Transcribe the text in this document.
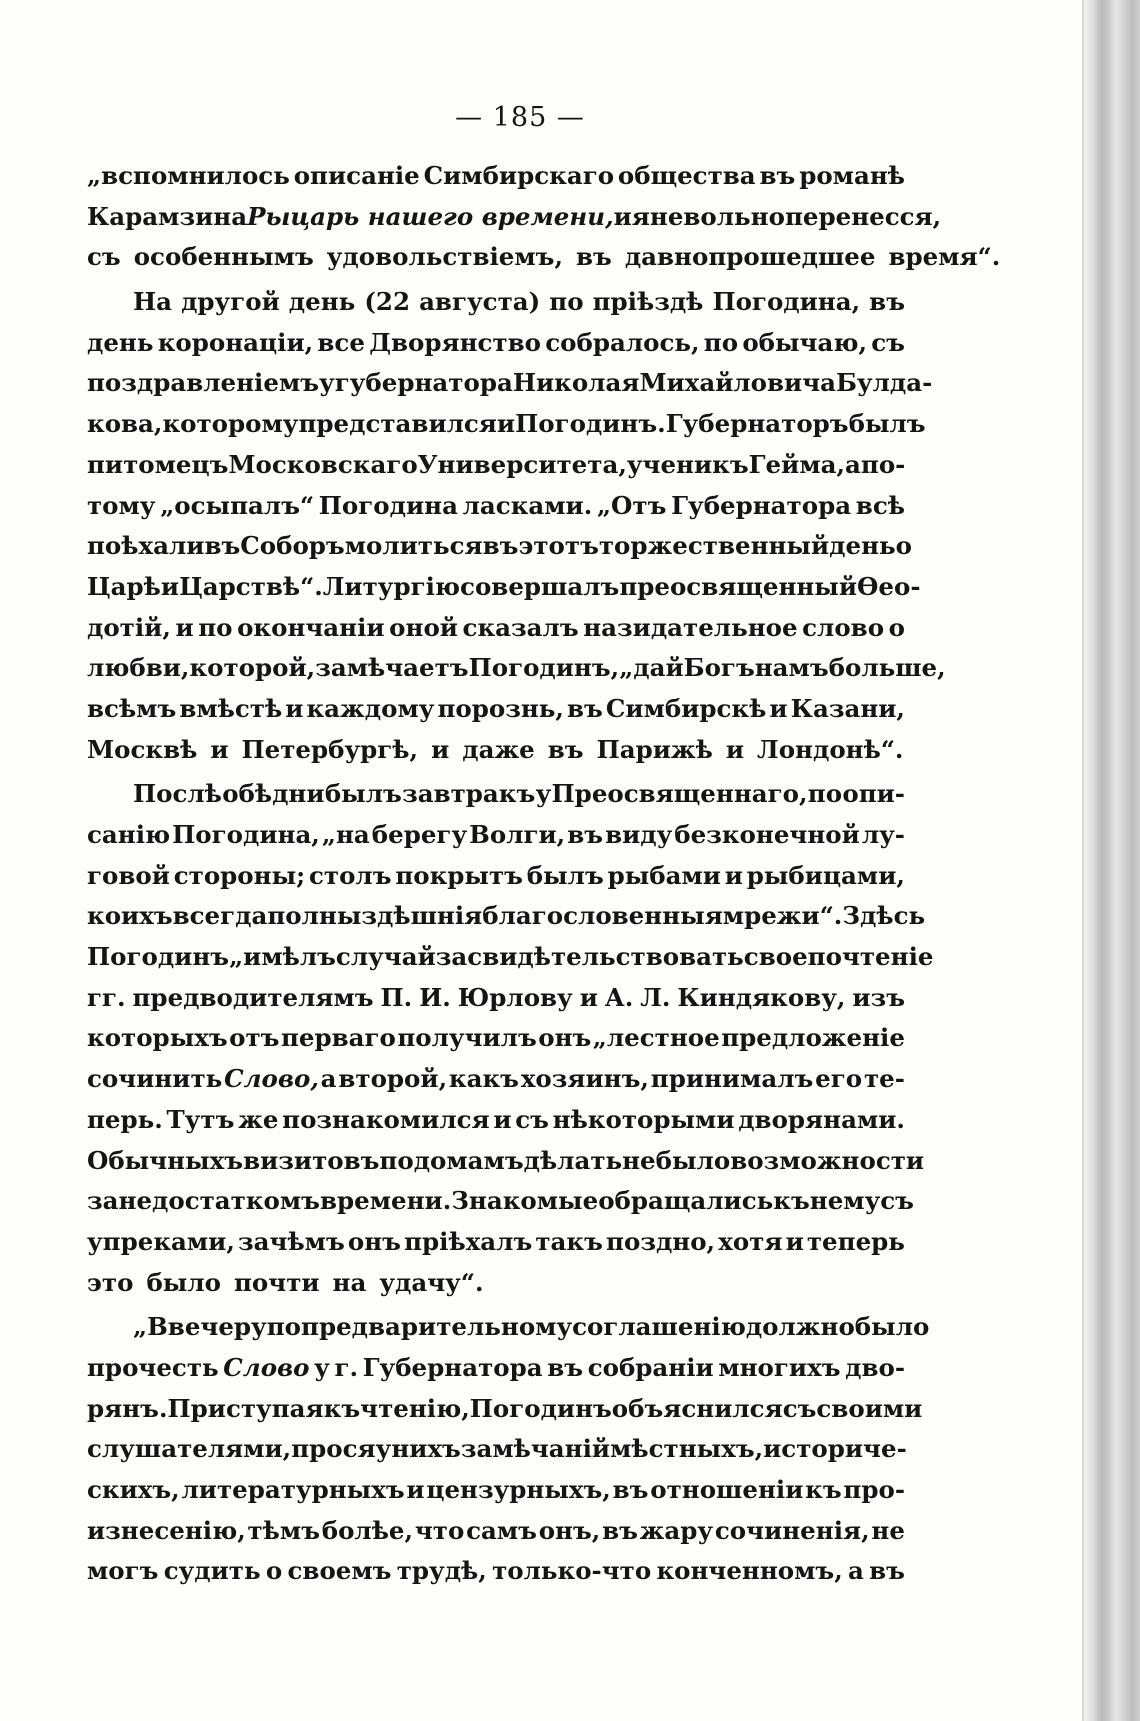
— 185 —
„вспомнилось описаніе Симбирскаго общества въ романѣ
Карамзина Рыцарь нашего времени, и я невольно перенесся,
съ особеннымъ удовольствіемъ, въ давнопрошедшее время“.
На другой день (22 августа) по пріѣздѣ Погодина, въ
день коронаціи, все Дворянство собралось, по обычаю, съ
поздравленіемъ у губернатора Николая Михайловича Булда-
кова, которому представился и Погодинъ. Губернаторъ былъ
питомецъ Московскаго Университета, ученикъ Гейма, а по-
тому „осыпалъ“ Погодина ласками. „Отъ Губернатора всѣ
поѣхали въ Соборъ молиться въ этотъ торжественный день о
Царѣ и Царствѣ“. Литургію совершалъ преосвященный Ѳео-
дотій, и по окончаніи оной сказалъ назидательное слово о
любви, которой, замѣчаетъ Погодинъ, „дай Богъ намъ больше,
всѣмъ вмѣстѣ и каждому порознь, въ Симбирскѣ и Казани,
Москвѣ и Петербургѣ, и даже въ Парижѣ и Лондонѣ“.
Послѣ обѣдни былъ завтракъ у Преосвященнаго, по опи-
санію Погодина, „на берегу Волги, въ виду безконечной лу-
говой стороны; столъ покрытъ былъ рыбами и рыбицами,
коихъ всегда полны здѣшнія благословенныя мрежи“. Здѣсь
Погодинъ „имѣлъ случай засвидѣтельствовать свое почтеніе
гг. предводителямъ П. И. Юрлову и А. Л. Киндякову, изъ
которыхъ отъ перваго получилъ онъ „лестное предложеніе
сочинить Слово, а второй, какъ хозяинъ, принималъ его те-
перь. Тутъ же познакомился и съ нѣкоторыми дворянами.
Обычныхъ визитовъ по домамъ дѣлать не было возможности
за недостаткомъ времени. Знакомые обращались къ нему съ
упреками, зачѣмъ онъ пріѣхалъ такъ поздно, хотя и теперь
это было почти на удачу“.
„Ввечеру по предварительному соглашенію должно было
прочесть Слово у г. Губернатора въ собраніи многихъ дво-
рянъ. Приступая къ чтенію, Погодинъ объяснился съ своими
слушателями, прося у нихъ замѣчаній мѣстныхъ, историче-
скихъ, литературныхъ и цензурныхъ, въ отношеніи къ про-
изнесенію, тѣмъ болѣе, что самъ онъ, въ жару сочиненія, не
могъ судить о своемъ трудѣ, только-что конченномъ, а въ
